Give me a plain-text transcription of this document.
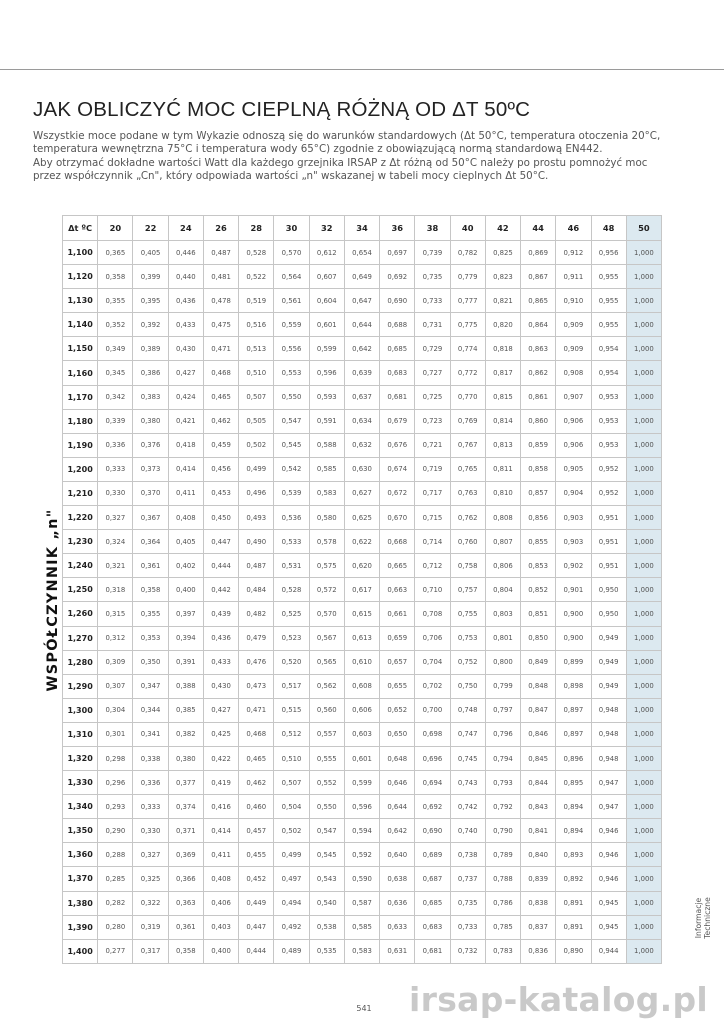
JAK OBLICZYĆ MOC CIEPLNĄ RÓŻNĄ OD ΔT 50ºC

Wszystkie moce podane w tym Wykazie odnoszą się do warunków standardowych (Δt 50°C, temperatura otoczenia 20°C,

temperatura wewnętrzna 75°C i temperatura wody 65°C) zgodnie z obowiązującą normą standardową EN442.

Aby otrzymać dokładne wartości Watt dla każdego grzejnika IRSAP z Δt różną od 50°C należy po prostu pomnożyć moc

przez współczynnik „Cn", który odpowiada wartości „n" wskazanej w tabeli mocy cieplnych Δt 50°C.

WSPÓŁCZYNNIK „n"
Δt ºC	20	22	24	26	28	30	32	34	36	38	40	42	44	46	48	50
1,100	0,365	0,405	0,446	0,487	0,528	0,570	0,612	0,654	0,697	0,739	0,782	0,825	0,869	0,912	0,956	1,000
1,120	0,358	0,399	0,440	0,481	0,522	0,564	0,607	0,649	0,692	0,735	0,779	0,823	0,867	0,911	0,955	1,000
1,130	0,355	0,395	0,436	0,478	0,519	0,561	0,604	0,647	0,690	0,733	0,777	0,821	0,865	0,910	0,955	1,000
1,140	0,352	0,392	0,433	0,475	0,516	0,559	0,601	0,644	0,688	0,731	0,775	0,820	0,864	0,909	0,955	1,000
1,150	0,349	0,389	0,430	0,471	0,513	0,556	0,599	0,642	0,685	0,729	0,774	0,818	0,863	0,909	0,954	1,000
1,160	0,345	0,386	0,427	0,468	0,510	0,553	0,596	0,639	0,683	0,727	0,772	0,817	0,862	0,908	0,954	1,000
1,170	0,342	0,383	0,424	0,465	0,507	0,550	0,593	0,637	0,681	0,725	0,770	0,815	0,861	0,907	0,953	1,000
1,180	0,339	0,380	0,421	0,462	0,505	0,547	0,591	0,634	0,679	0,723	0,769	0,814	0,860	0,906	0,953	1,000
1,190	0,336	0,376	0,418	0,459	0,502	0,545	0,588	0,632	0,676	0,721	0,767	0,813	0,859	0,906	0,953	1,000
1,200	0,333	0,373	0,414	0,456	0,499	0,542	0,585	0,630	0,674	0,719	0,765	0,811	0,858	0,905	0,952	1,000
1,210	0,330	0,370	0,411	0,453	0,496	0,539	0,583	0,627	0,672	0,717	0,763	0,810	0,857	0,904	0,952	1,000
1,220	0,327	0,367	0,408	0,450	0,493	0,536	0,580	0,625	0,670	0,715	0,762	0,808	0,856	0,903	0,951	1,000
1,230	0,324	0,364	0,405	0,447	0,490	0,533	0,578	0,622	0,668	0,714	0,760	0,807	0,855	0,903	0,951	1,000
1,240	0,321	0,361	0,402	0,444	0,487	0,531	0,575	0,620	0,665	0,712	0,758	0,806	0,853	0,902	0,951	1,000
1,250	0,318	0,358	0,400	0,442	0,484	0,528	0,572	0,617	0,663	0,710	0,757	0,804	0,852	0,901	0,950	1,000
1,260	0,315	0,355	0,397	0,439	0,482	0,525	0,570	0,615	0,661	0,708	0,755	0,803	0,851	0,900	0,950	1,000
1,270	0,312	0,353	0,394	0,436	0,479	0,523	0,567	0,613	0,659	0,706	0,753	0,801	0,850	0,900	0,949	1,000
1,280	0,309	0,350	0,391	0,433	0,476	0,520	0,565	0,610	0,657	0,704	0,752	0,800	0,849	0,899	0,949	1,000
1,290	0,307	0,347	0,388	0,430	0,473	0,517	0,562	0,608	0,655	0,702	0,750	0,799	0,848	0,898	0,949	1,000
1,300	0,304	0,344	0,385	0,427	0,471	0,515	0,560	0,606	0,652	0,700	0,748	0,797	0,847	0,897	0,948	1,000
1,310	0,301	0,341	0,382	0,425	0,468	0,512	0,557	0,603	0,650	0,698	0,747	0,796	0,846	0,897	0,948	1,000
1,320	0,298	0,338	0,380	0,422	0,465	0,510	0,555	0,601	0,648	0,696	0,745	0,794	0,845	0,896	0,948	1,000
1,330	0,296	0,336	0,377	0,419	0,462	0,507	0,552	0,599	0,646	0,694	0,743	0,793	0,844	0,895	0,947	1,000
1,340	0,293	0,333	0,374	0,416	0,460	0,504	0,550	0,596	0,644	0,692	0,742	0,792	0,843	0,894	0,947	1,000
1,350	0,290	0,330	0,371	0,414	0,457	0,502	0,547	0,594	0,642	0,690	0,740	0,790	0,841	0,894	0,946	1,000
1,360	0,288	0,327	0,369	0,411	0,455	0,499	0,545	0,592	0,640	0,689	0,738	0,789	0,840	0,893	0,946	1,000
1,370	0,285	0,325	0,366	0,408	0,452	0,497	0,543	0,590	0,638	0,687	0,737	0,788	0,839	0,892	0,946	1,000
1,380	0,282	0,322	0,363	0,406	0,449	0,494	0,540	0,587	0,636	0,685	0,735	0,786	0,838	0,891	0,945	1,000
1,390	0,280	0,319	0,361	0,403	0,447	0,492	0,538	0,585	0,633	0,683	0,733	0,785	0,837	0,891	0,945	1,000
1,400	0,277	0,317	0,358	0,400	0,444	0,489	0,535	0,583	0,631	0,681	0,732	0,783	0,836	0,890	0,944	1,000
Informacje Techniczne
541 irsap-katalog.pl
